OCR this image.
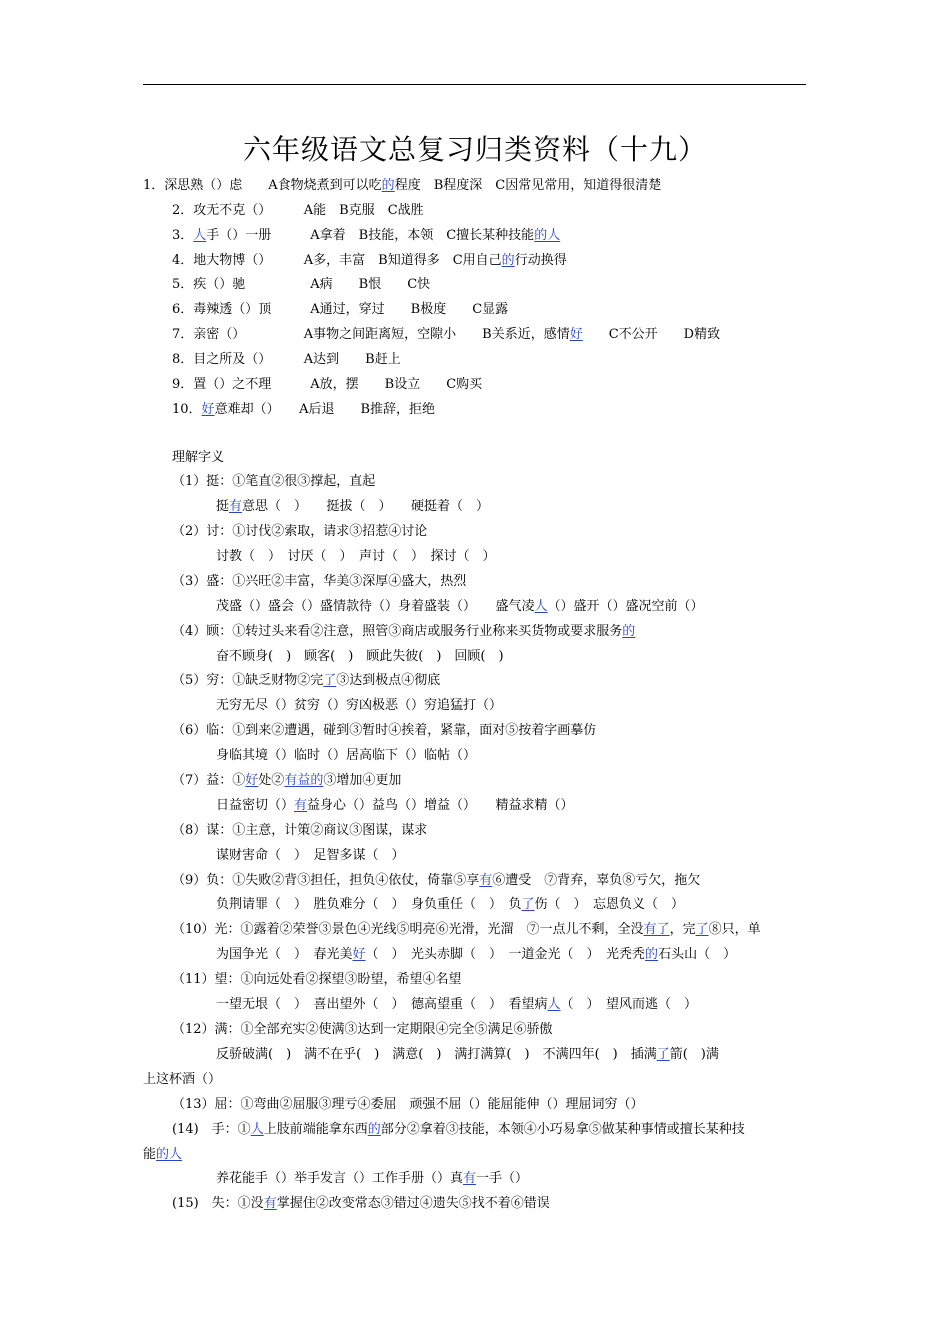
六年级语文总复习归类资料（十九）
1．深思熟（）虑　　A食物烧煮到可以吃的程度　B程度深　C因常见常用，知道得很清楚
2．攻无不克（）　　　A能　B克服　C战胜
3．人手（）一册　　　A拿着　B技能，本领　C擅长某种技能的人
4．地大物博（）　　　A多，丰富　B知道得多　C用自己的行动换得
5．疾（）驰　　　　　A病　　B恨　　C快
6．毒辣透（）顶　　　A通过，穿过　　B极度　　C显露
7．亲密（）　　　　　A事物之间距离短，空隙小　　B关系近，感情好　　C不公开　　D精致
8．目之所及（）　　　A达到　　B赶上
9．置（）之不理　　　A放，摆　　B设立　　C购买
10．好意难却（）　　A后退　　B推辞，拒绝
理解字义
（1）挺：①笔直②很③撑起，直起
挺有意思（　）　　挺拔（　）　　硬挺着（　）
（2）讨：①讨伐②索取，请求③招惹④讨论
讨教（　）　讨厌（　）　声讨（　）　探讨（　）
（3）盛：①兴旺②丰富，华美③深厚④盛大，热烈
茂盛（）盛会（）盛情款待（）身着盛装（）　　盛气凌人（）盛开（）盛况空前（）
（4）顾：①转过头来看②注意，照管③商店或服务行业称来买货物或要求服务的
奋不顾身(　)　顾客(　)　顾此失彼(　)　回顾(　)
（5）穷：①缺乏财物②完了③达到极点④彻底
无穷无尽（）贫穷（）穷凶极恶（）穷追猛打（）
（6）临：①到来②遭遇，碰到③暂时④挨着，紧靠，面对⑤按着字画摹仿
身临其境（）临时（）居高临下（）临帖（）
（7）益：①好处②有益的③增加④更加
日益密切（）有益身心（）益鸟（）增益（）　　精益求精（）
（8）谋：①主意，计策②商议③图谋，谋求
谋财害命（　）　足智多谋（　）
（9）负：①失败②背③担任，担负④依仗，倚靠⑤享有⑥遭受　⑦背弃，辜负⑧亏欠，拖欠
负荆请罪（　）　胜负难分（　）　身负重任（　）　负了伤（　）　忘恩负义（　）
（10）光：①露着②荣誉③景色④光线⑤明亮⑥光滑，光溜　⑦一点儿不剩，全没有了，完了⑧只，单
为国争光（　）　春光美好（　）　光头赤脚（　）　一道金光（　）　光秃秃的石头山（　）
（11）望：①向远处看②探望③盼望，希望④名望
一望无垠（　）　喜出望外（　）　德高望重（　）　看望病人（　）　望风而逃（　）
（12）满：①全部充实②使满③达到一定期限④完全⑤满足⑥骄傲
反骄破满(　)　满不在乎(　)　满意(　)　满打满算(　)　不满四年(　)　插满了箭(　)满
上这杯酒（）
（13）屈：①弯曲②屈服③理亏④委屈　顽强不屈（）能屈能伸（）理屈词穷（）
(14)　手：①人上肢前端能拿东西的部分②拿着③技能，本领④小巧易拿⑤做某种事情或擅长某种技
能的人
养花能手（）举手发言（）工作手册（）真有一手（）
(15)　失：①没有掌握住②改变常态③错过④遗失⑤找不着⑥错误
